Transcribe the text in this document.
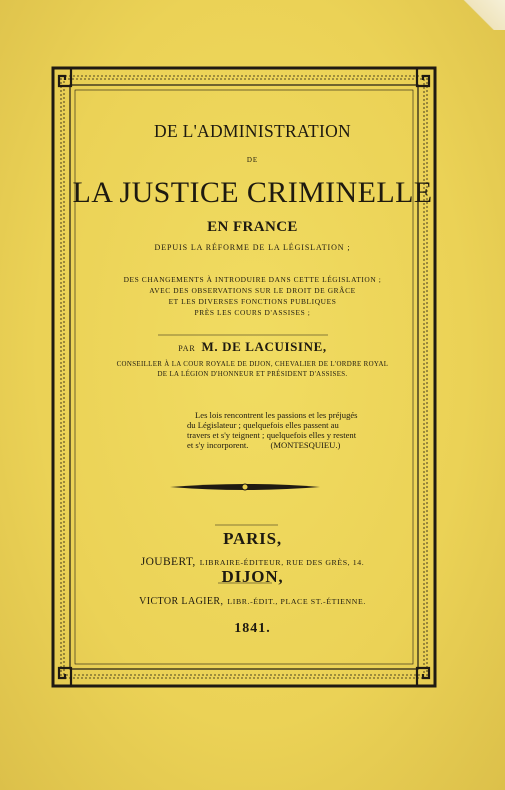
DE L'ADMINISTRATION
DE
LA JUSTICE CRIMINELLE
EN FRANCE
DEPUIS LA RÉFORME DE LA LÉGISLATION ;
DES CHANGEMENTS À INTRODUIRE DANS CETTE LÉGISLATION ;
AVEC DES OBSERVATIONS SUR LE DROIT DE GRÂCE
ET LES DIVERSES FONCTIONS PUBLIQUES
PRÈS LES COURS D'ASSISES ;
PAR M. DE LACUISINE,
CONSEILLER À LA COUR ROYALE DE DIJON, CHEVALIER DE L'ORDRE ROYAL
DE LA LÉGION D'HONNEUR ET PRÉSIDENT D'ASSISES.
Les lois rencontrent les passions et les préjugés
du Législateur ; quelquefois elles passent au
travers et s'y teignent ; quelquefois elles y restent
et s'y incorporent.	(MONTESQUIEU.)
PARIS,
JOUBERT, LIBRAIRE-ÉDITEUR, RUE DES GRÈS, 14.
DIJON,
VICTOR LAGIER, LIBR.-ÉDIT., PLACE ST.-ÉTIENNE.
1841.
